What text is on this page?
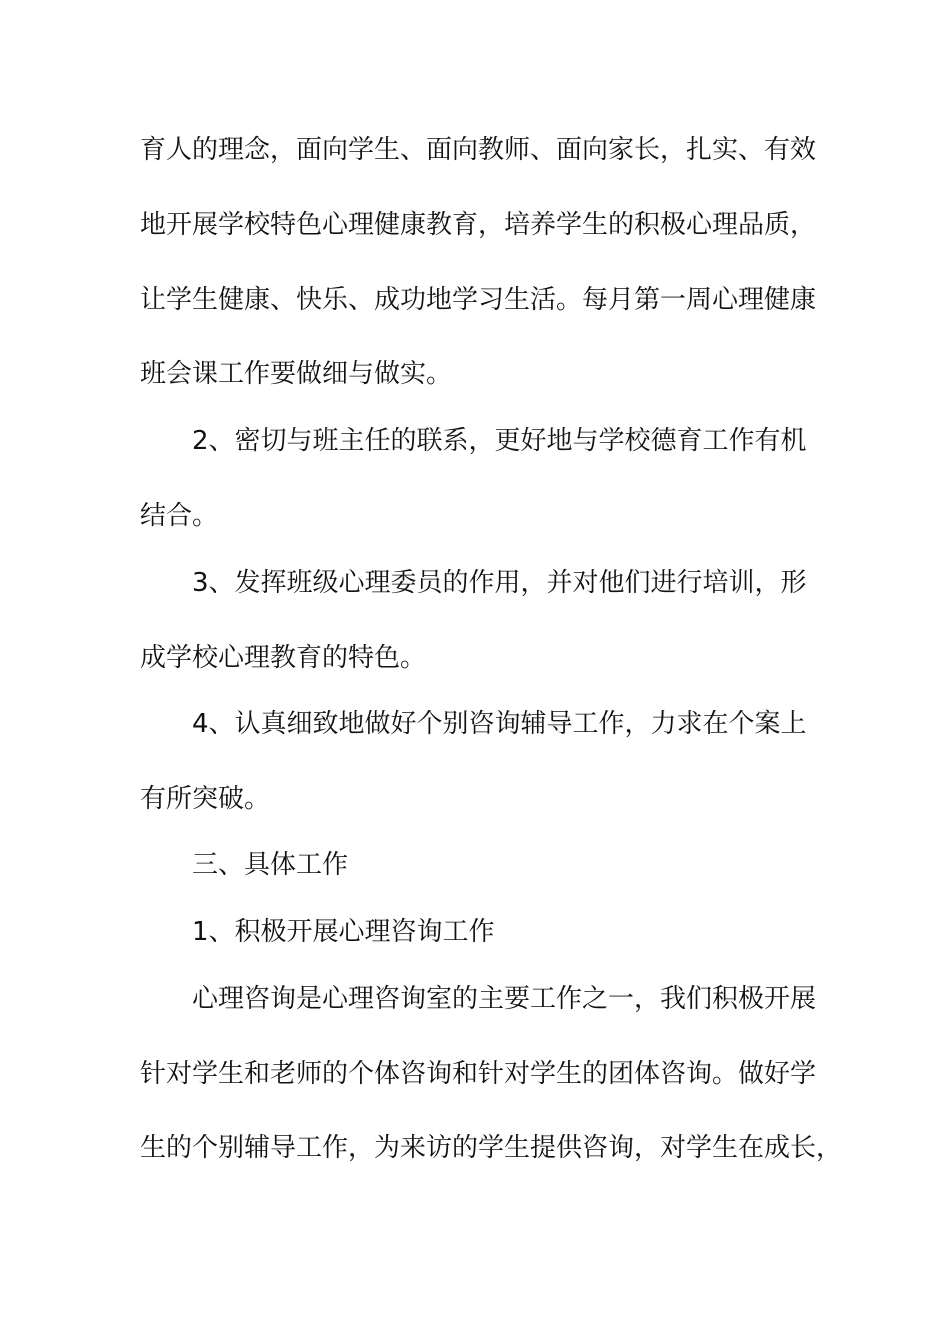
育人的理念，面向学生、面向教师、面向家长，扎实、有效
地开展学校特色心理健康教育，培养学生的积极心理品质，
让学生健康、快乐、成功地学习生活。每月第一周心理健康
班会课工作要做细与做实。
2、密切与班主任的联系，更好地与学校德育工作有机
结合。
3、发挥班级心理委员的作用，并对他们进行培训，形
成学校心理教育的特色。
4、认真细致地做好个别咨询辅导工作，力求在个案上
有所突破。
三、具体工作
1、积极开展心理咨询工作
心理咨询是心理咨询室的主要工作之一，我们积极开展
针对学生和老师的个体咨询和针对学生的团体咨询。做好学
生的个别辅导工作，为来访的学生提供咨询，对学生在成长，
